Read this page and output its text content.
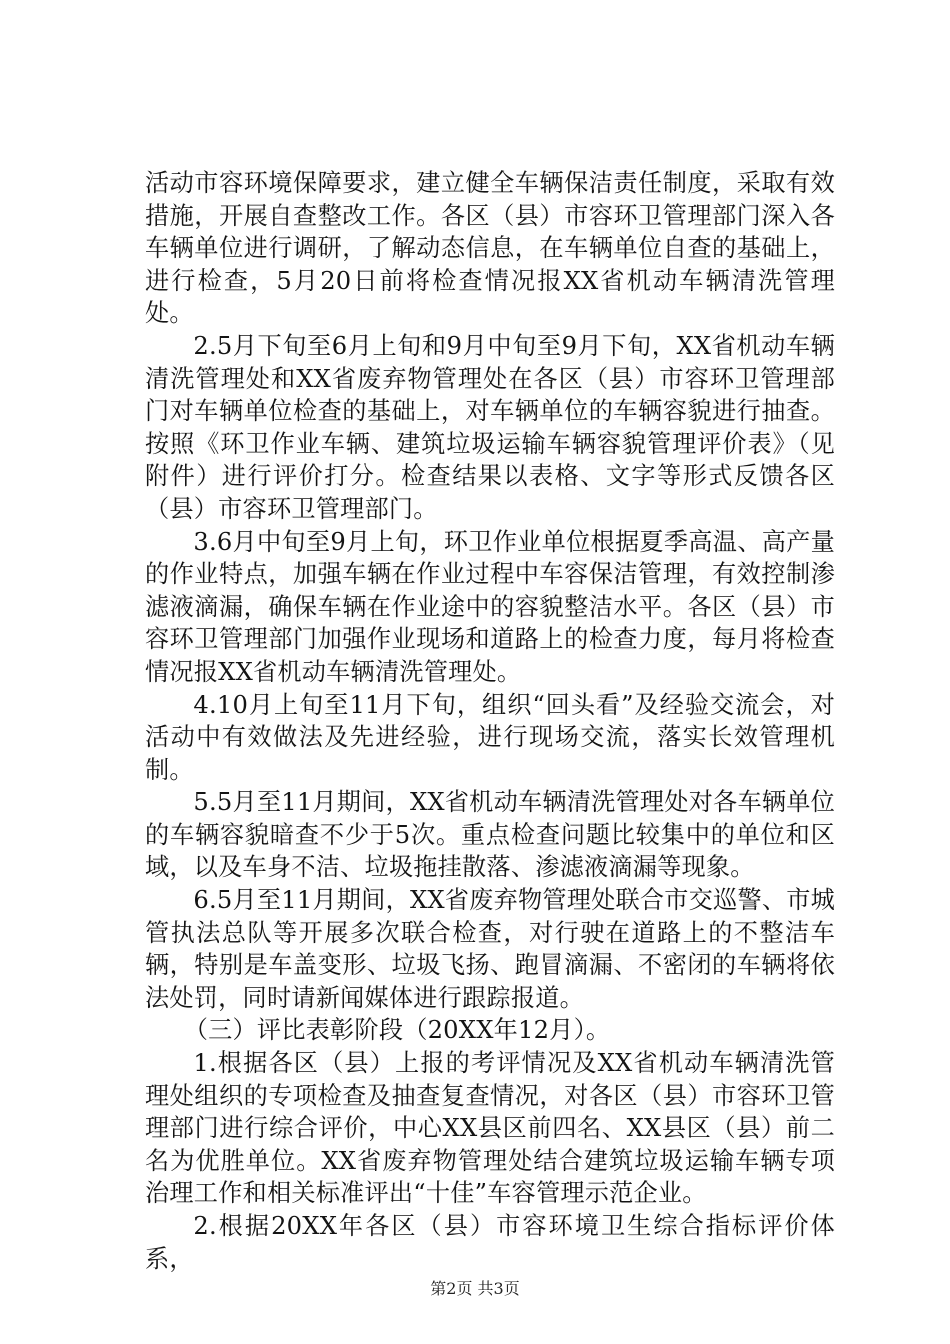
活动市容环境保障要求，建立健全车辆保洁责任制度，采取有效措施，开展自查整改工作。各区（县）市容环卫管理部门深入各车辆单位进行调研，了解动态信息，在车辆单位自查的基础上，进行检查，5月20日前将检查情况报XX省机动车辆清洗管理处。

2.5月下旬至6月上旬和9月中旬至9月下旬，XX省机动车辆清洗管理处和XX省废弃物管理处在各区（县）市容环卫管理部门对车辆单位检查的基础上，对车辆单位的车辆容貌进行抽查。按照《环卫作业车辆、建筑垃圾运输车辆容貌管理评价表》（见附件）进行评价打分。检查结果以表格、文字等形式反馈各区（县）市容环卫管理部门。

3.6月中旬至9月上旬，环卫作业单位根据夏季高温、高产量的作业特点，加强车辆在作业过程中车容保洁管理，有效控制渗滤液滴漏，确保车辆在作业途中的容貌整洁水平。各区（县）市容环卫管理部门加强作业现场和道路上的检查力度，每月将检查情况报XX省机动车辆清洗管理处。

4.10月上旬至11月下旬，组织“回头看”及经验交流会，对活动中有效做法及先进经验，进行现场交流，落实长效管理机制。

5.5月至11月期间，XX省机动车辆清洗管理处对各车辆单位的车辆容貌暗查不少于5次。重点检查问题比较集中的单位和区域，以及车身不洁、垃圾拖挂散落、渗滤液滴漏等现象。

6.5月至11月期间，XX省废弃物管理处联合市交巡警、市城管执法总队等开展多次联合检查，对行驶在道路上的不整洁车辆，特别是车盖变形、垃圾飞扬、跑冒滴漏、不密闭的车辆将依法处罚，同时请新闻媒体进行跟踪报道。

（三）评比表彰阶段（20XX年12月）。

1.根据各区（县）上报的考评情况及XX省机动车辆清洗管理处组织的专项检查及抽查复查情况，对各区（县）市容环卫管理部门进行综合评价，中心XX县区前四名、XX县区（县）前二名为优胜单位。XX省废弃物管理处结合建筑垃圾运输车辆专项治理工作和相关标准评出“十佳”车容管理示范企业。

2.根据20XX年各区（县）市容环境卫生综合指标评价体系，

第2页 共3页
